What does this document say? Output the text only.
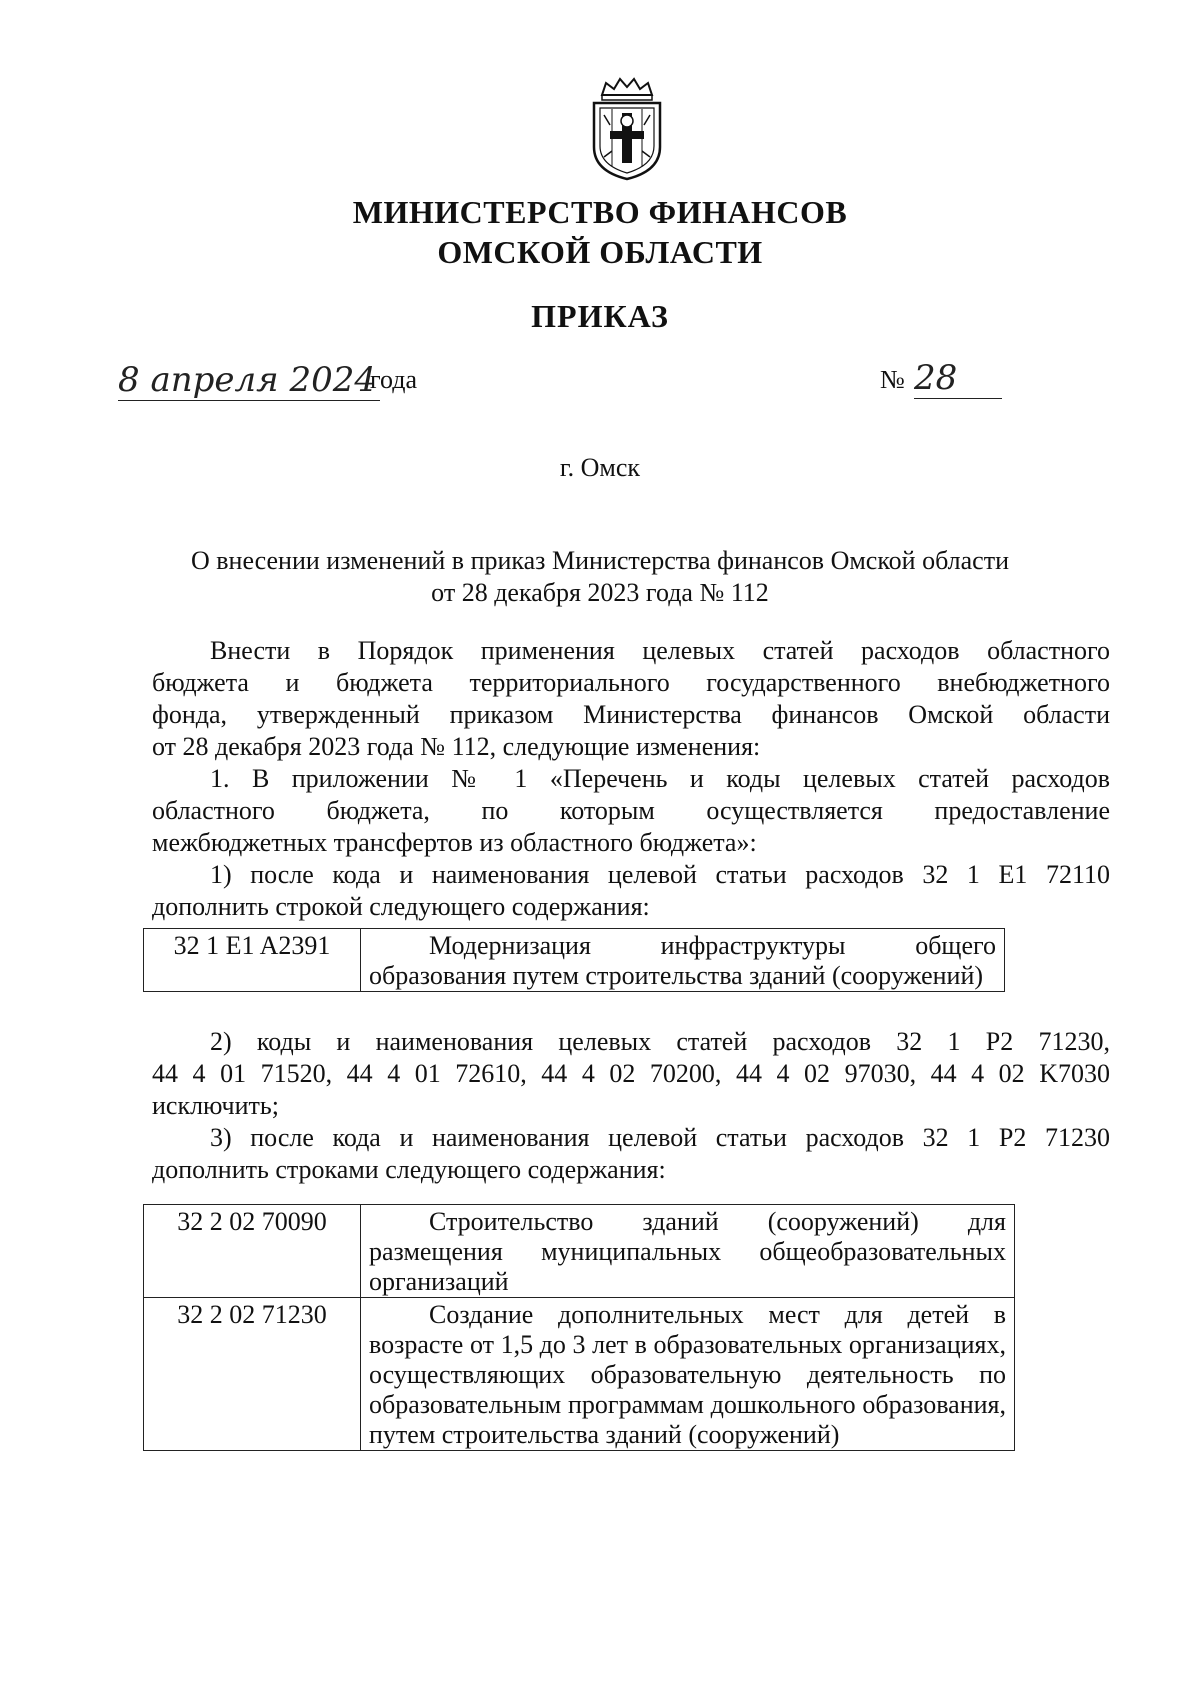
МИНИСТЕРСТВО ФИНАНСОВ
ОМСКОЙ ОБЛАСТИ
ПРИКАЗ
8 апреля 2024
года	№ 28
г. Омск
О внесении изменений в приказ Министерства финансов Омской области
от 28 декабря 2023 года № 112
Внести в Порядок применения целевых статей расходов областного
бюджета и бюджета территориального государственного внебюджетного
фонда, утвержденный приказом Министерства финансов Омской области
от 28 декабря 2023 года № 112, следующие изменения:
1. В приложении № 1 «Перечень и коды целевых статей расходов
областного бюджета, по которым осуществляется предоставление
межбюджетных трансфертов из областного бюджета»:
1) после кода и наименования целевой статьи расходов 32 1 E1 72110
дополнить строкой следующего содержания:
32 1 E1 A2391	Модернизация инфраструктуры общего образования путем строительства зданий (сооружений)
2) коды и наименования целевых статей расходов 32 1 P2 71230,
44 4 01 71520, 44 4 01 72610, 44 4 02 70200, 44 4 02 97030, 44 4 02 K7030
исключить;
3) после кода и наименования целевой статьи расходов 32 1 P2 71230
дополнить строками следующего содержания:
32 2 02 70090	Строительство зданий (сооружений) для размещения муниципальных общеобразовательных организаций
32 2 02 71230	Создание дополнительных мест для детей в возрасте от 1,5 до 3 лет в образовательных организациях, осуществляющих образовательную деятельность по образовательным программам дошкольного образования, путем строительства зданий (сооружений)
